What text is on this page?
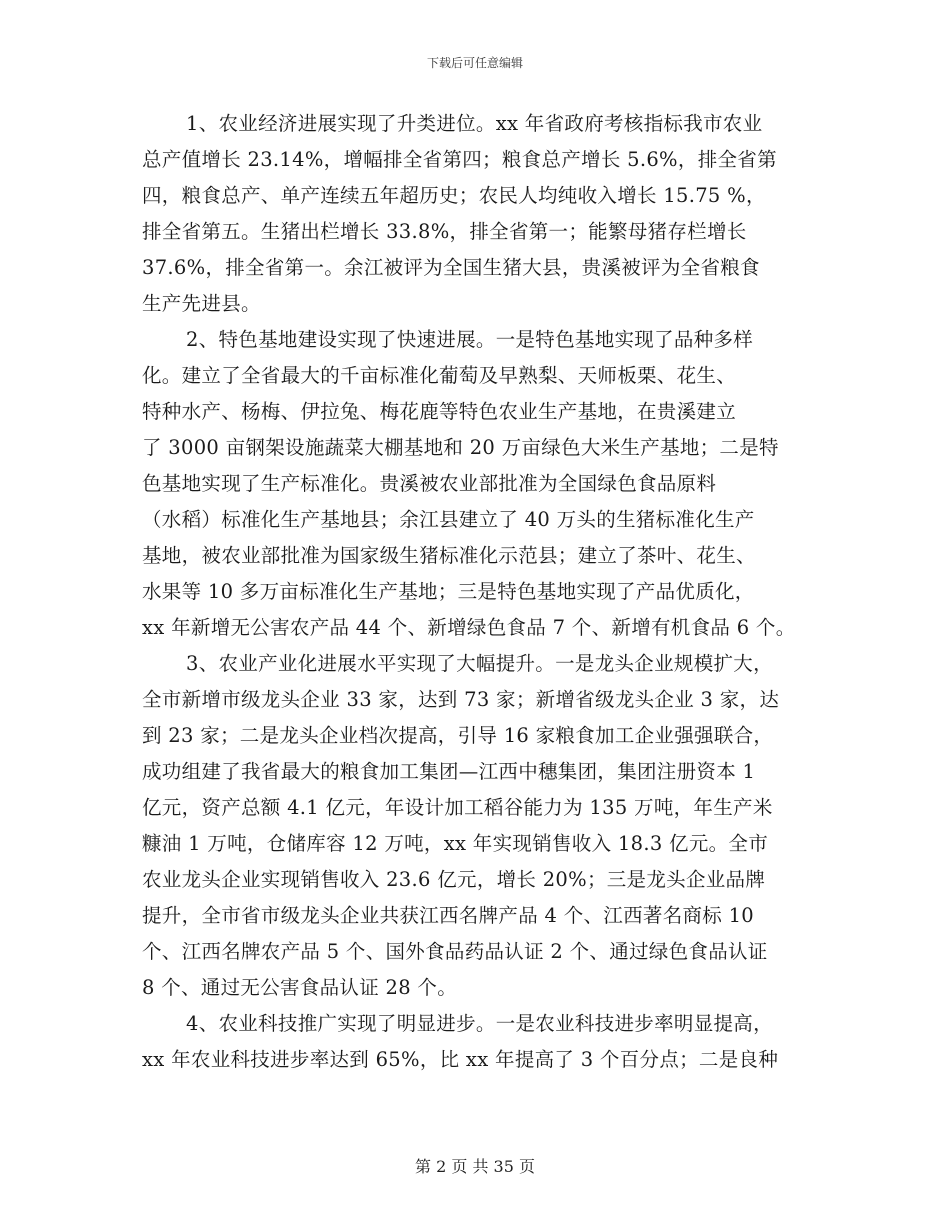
下载后可任意编辑
1、农业经济进展实现了升类进位。xx 年省政府考核指标我市农业
总产值增长 23.14%，增幅排全省第四；粮食总产增长 5.6%，排全省第
四，粮食总产、单产连续五年超历史；农民人均纯收入增长 15.75 %，
排全省第五。生猪出栏增长 33.8%，排全省第一；能繁母猪存栏增长
37.6%，排全省第一。余江被评为全国生猪大县，贵溪被评为全省粮食
生产先进县。
2、特色基地建设实现了快速进展。一是特色基地实现了品种多样
化。建立了全省最大的千亩标准化葡萄及早熟梨、天师板栗、花生、
特种水产、杨梅、伊拉兔、梅花鹿等特色农业生产基地，在贵溪建立
了 3000 亩钢架设施蔬菜大棚基地和 20 万亩绿色大米生产基地；二是特
色基地实现了生产标准化。贵溪被农业部批准为全国绿色食品原料
（水稻）标准化生产基地县；余江县建立了 40 万头的生猪标准化生产
基地，被农业部批准为国家级生猪标准化示范县；建立了茶叶、花生、
水果等 10 多万亩标准化生产基地；三是特色基地实现了产品优质化，
xx 年新增无公害农产品 44 个、新增绿色食品 7 个、新增有机食品 6 个。
3、农业产业化进展水平实现了大幅提升。一是龙头企业规模扩大，
全市新增市级龙头企业 33 家，达到 73 家；新增省级龙头企业 3 家，达
到 23 家；二是龙头企业档次提高，引导 16 家粮食加工企业强强联合，
成功组建了我省最大的粮食加工集团—江西中穗集团，集团注册资本 1
亿元，资产总额 4.1 亿元，年设计加工稻谷能力为 135 万吨，年生产米
糠油 1 万吨，仓储库容 12 万吨，xx 年实现销售收入 18.3 亿元。全市
农业龙头企业实现销售收入 23.6 亿元，增长 20%；三是龙头企业品牌
提升，全市省市级龙头企业共获江西名牌产品 4 个、江西著名商标 10
个、江西名牌农产品 5 个、国外食品药品认证 2 个、通过绿色食品认证
8 个、通过无公害食品认证 28 个。
4、农业科技推广实现了明显进步。一是农业科技进步率明显提高，
xx 年农业科技进步率达到 65%，比 xx 年提高了 3 个百分点；二是良种
第 2 页 共 35 页
